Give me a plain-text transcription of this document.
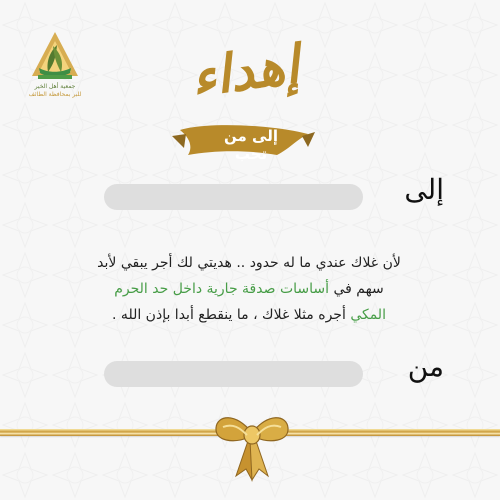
جمعية أهل الخير
للبر بمحافظة الطائف	إهداء
إلى من تحب
إلى
لأن غلاك عندي ما له حدود .. هديتي لك أجر يبقي لأبد
سهم في أساسات صدقة جارية داخل حد الحرم
المكي أجره مثلا غلاك ، ما ينقطع أبدا بإذن الله .
من
